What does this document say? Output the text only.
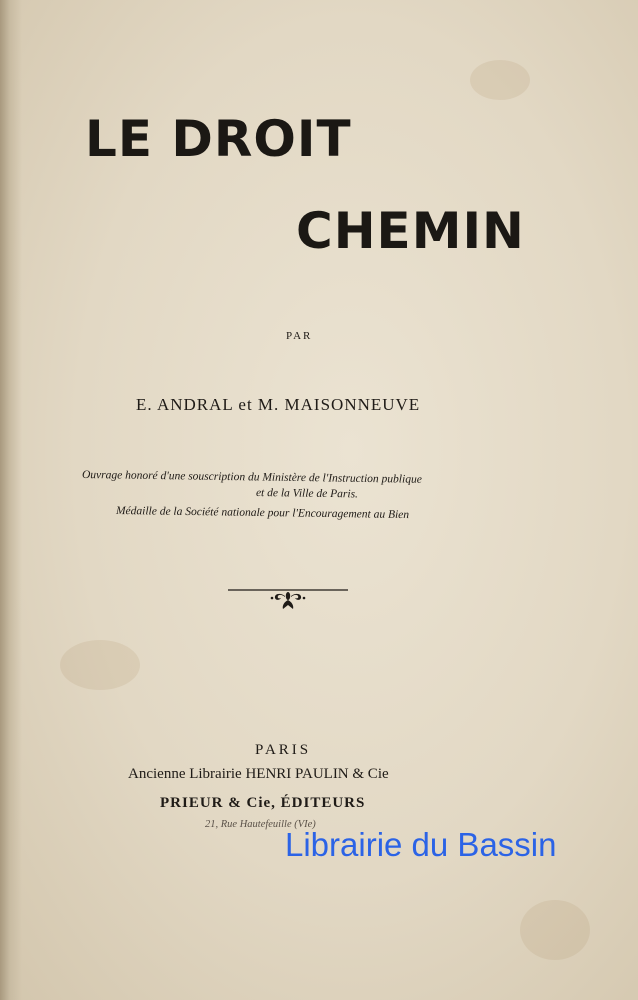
LE DROIT
CHEMIN
PAR
E. ANDRAL et M. MAISONNEUVE
Ouvrage honoré d'une souscription du Ministère de l'Instruction publique
et de la Ville de Paris.
Médaille de la Société nationale pour l'Encouragement au Bien
PARIS
Ancienne Librairie HENRI PAULIN & Cie
PRIEUR & Cie, ÉDITEURS
21, Rue Hautefeuille (VIe)
Librairie du Bassin
